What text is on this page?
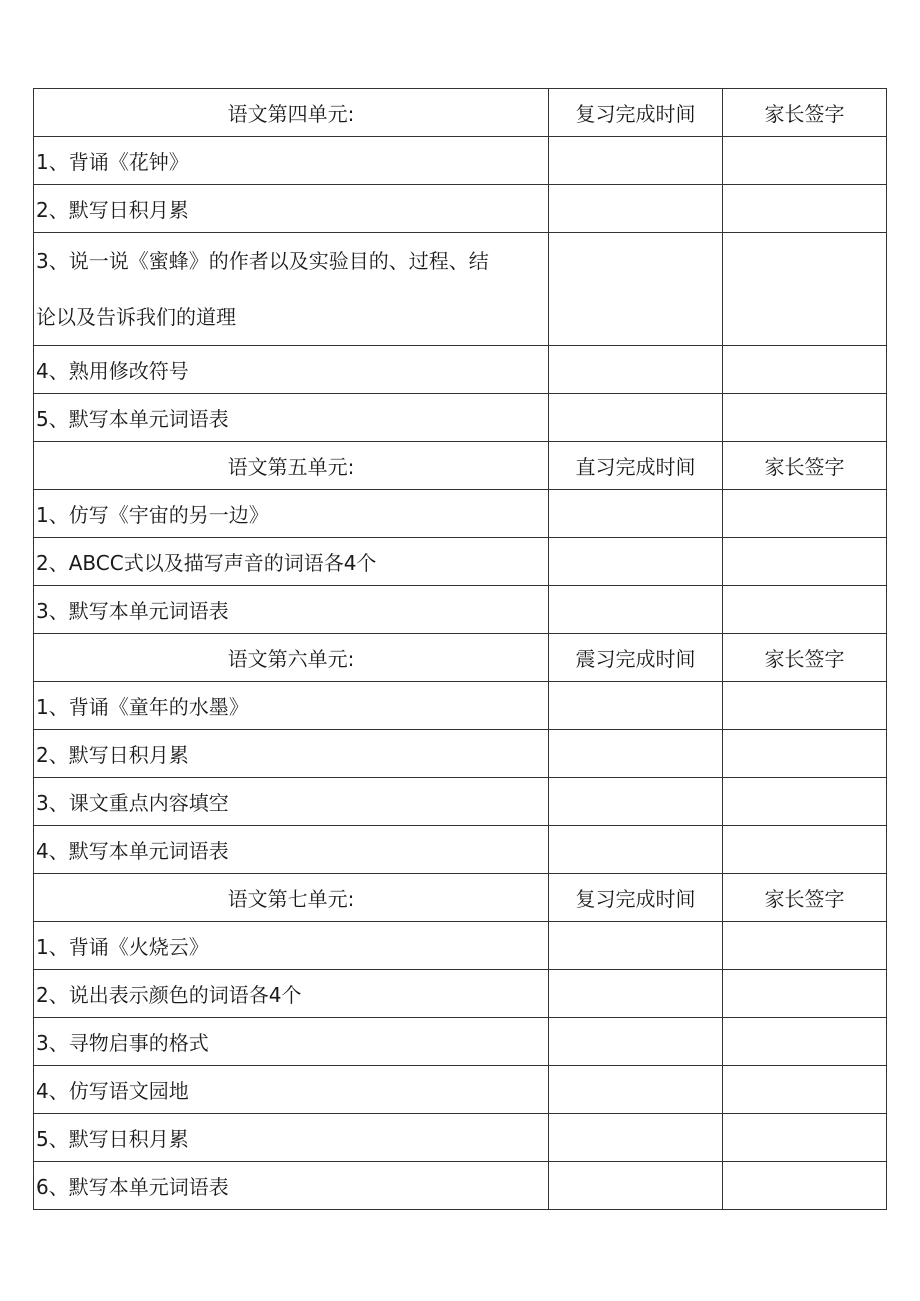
语文第四单元:	复习完成时间	家长签字
1、背诵《花钟》		
2、默写日积月累		
3、说一说《蜜蜂》的作者以及实验目的、过程、结论以及告诉我们的道理		
4、熟用修改符号		
5、默写本单元词语表		
语文第五单元:	直习完成时间	家长签字
1、仿写《宇宙的另一边》		
2、ABCC式以及描写声音的词语各4个		
3、默写本单元词语表		
语文第六单元:	震习完成时间	家长签字
1、背诵《童年的水墨》		
2、默写日积月累		
3、课文重点内容填空		
4、默写本单元词语表		
语文第七单元:	复习完成时间	家长签字
1、背诵《火烧云》		
2、说出表示颜色的词语各4个		
3、寻物启事的格式		
4、仿写语文园地		
5、默写日积月累		
6、默写本单元词语表		
